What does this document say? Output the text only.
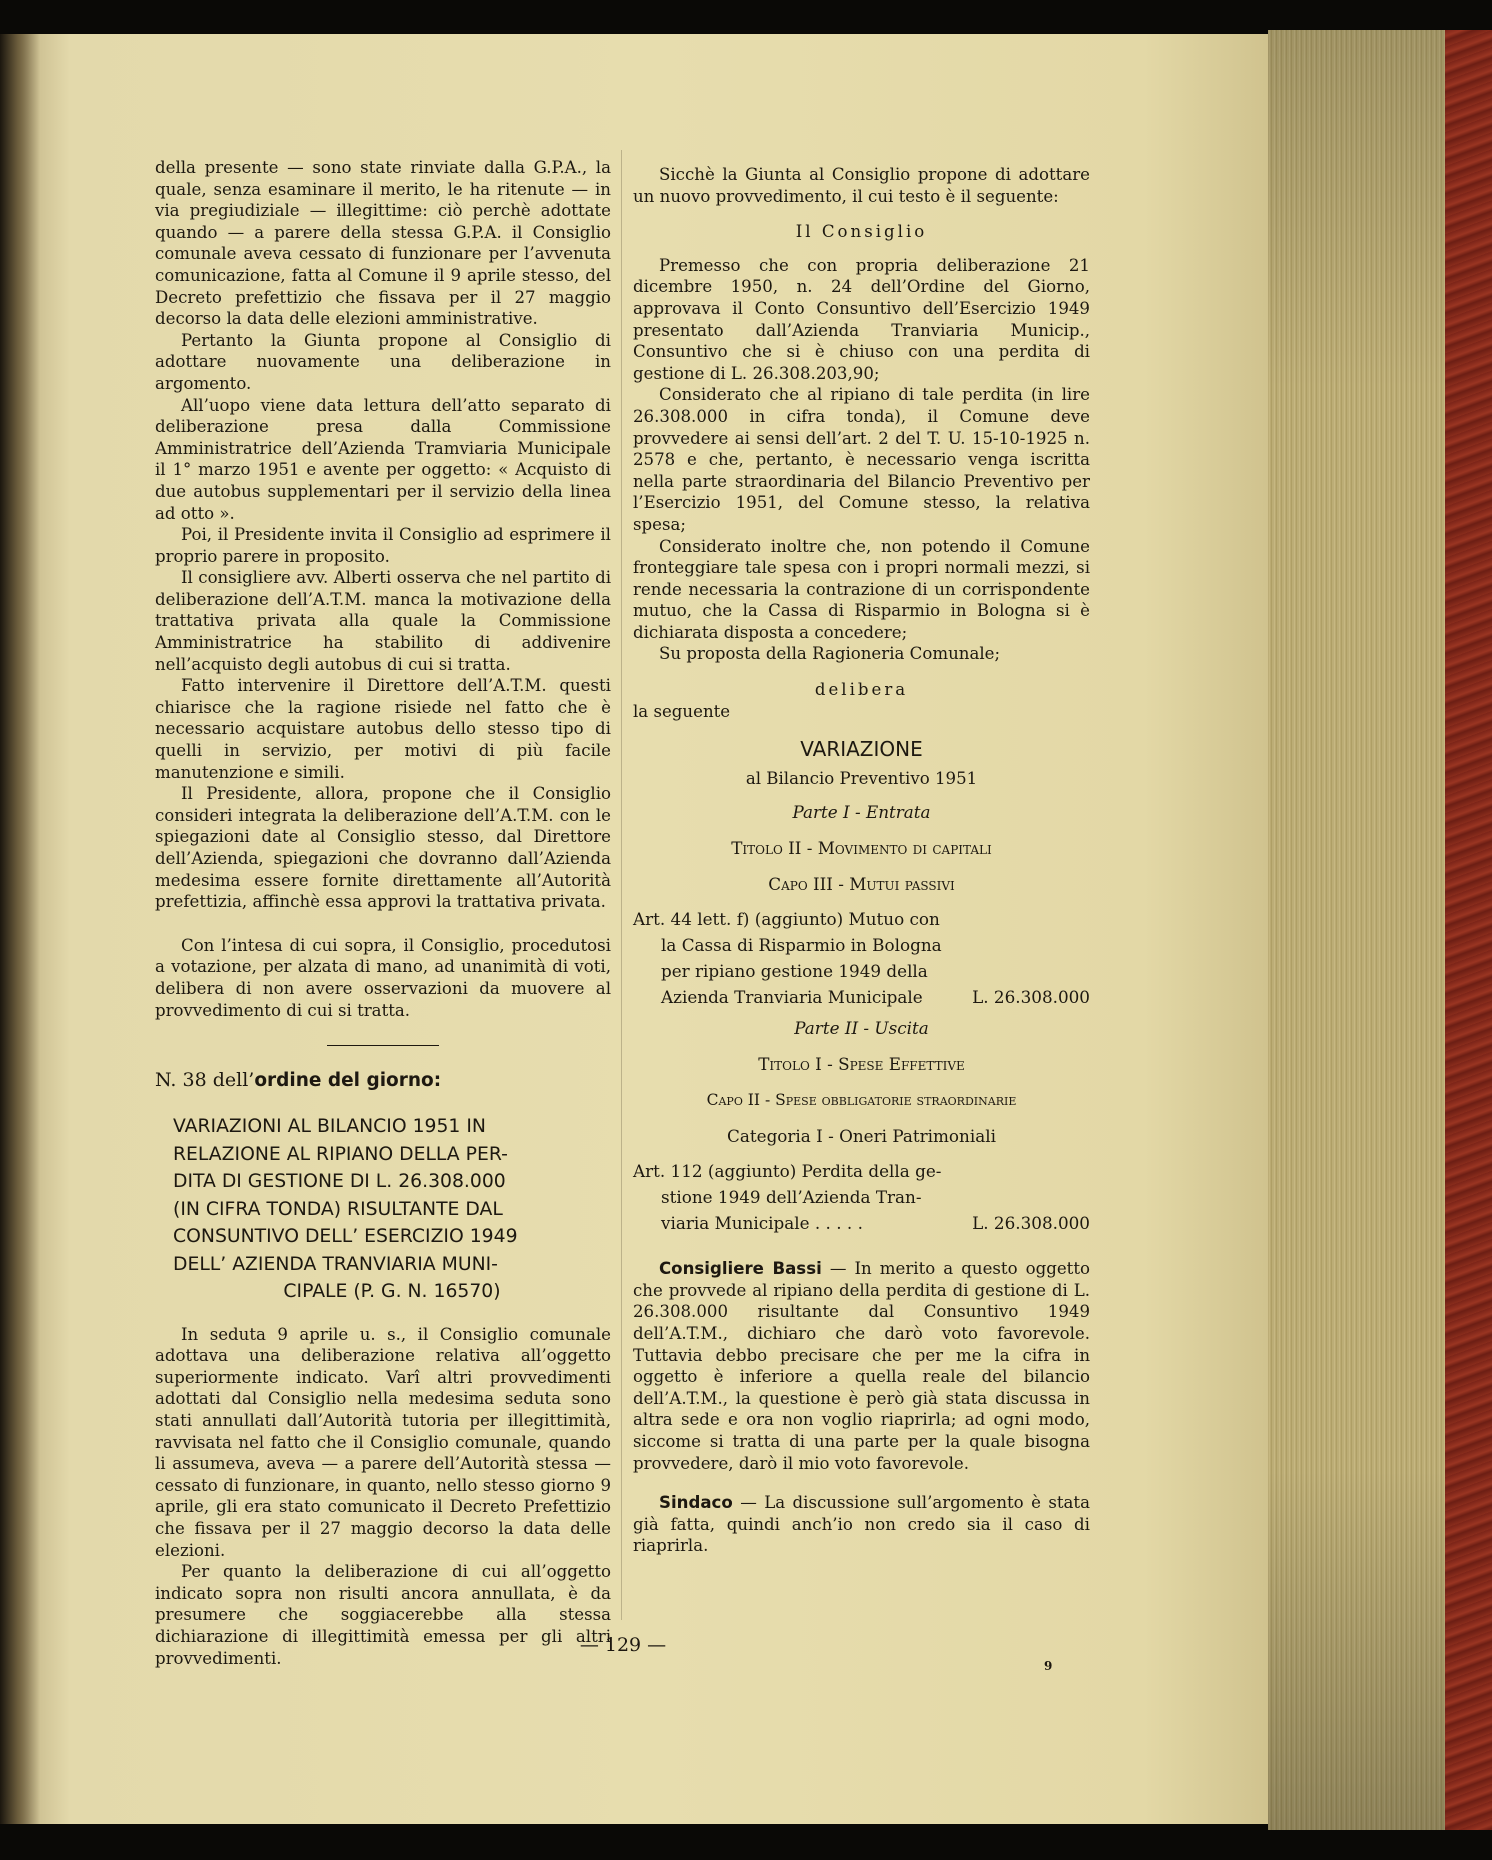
della presente — sono state rinviate dalla G.P.A., la quale, senza esaminare il merito, le ha ritenute — in via pregiudiziale — illegittime: ciò perchè adottate quando — a parere della stessa G.P.A. il Consiglio comunale aveva cessato di funzionare per l’avvenuta comunicazione, fatta al Comune il 9 aprile stesso, del Decreto prefettizio che fissava per il 27 maggio decorso la data delle elezioni amministrative.

Pertanto la Giunta propone al Consiglio di adottare nuovamente una deliberazione in argomento.

All’uopo viene data lettura dell’atto separato di deliberazione presa dalla Commissione Amministratrice dell’Azienda Tramviaria Municipale il 1° marzo 1951 e avente per oggetto: « Acquisto di due autobus supplementari per il servizio della linea ad otto ».

Poi, il Presidente invita il Consiglio ad esprimere il proprio parere in proposito.

Il consigliere avv. Alberti osserva che nel partito di deliberazione dell’A.T.M. manca la motivazione della trattativa privata alla quale la Commissione Amministratrice ha stabilito di addivenire nell’acquisto degli autobus di cui si tratta.

Fatto intervenire il Direttore dell’A.T.M. questi chiarisce che la ragione risiede nel fatto che è necessario acquistare autobus dello stesso tipo di quelli in servizio, per motivi di più facile manutenzione e simili.

Il Presidente, allora, propone che il Consiglio consideri integrata la deliberazione dell’A.T.M. con le spiegazioni date al Consiglio stesso, dal Direttore dell’Azienda, spiegazioni che dovranno dall’Azienda medesima essere fornite direttamente all’Autorità prefettizia, affinchè essa approvi la trattativa privata.

Con l’intesa di cui sopra, il Consiglio, procedutosi a votazione, per alzata di mano, ad unanimità di voti, delibera di non avere osservazioni da muovere al provvedimento di cui si tratta.

N. 38 dell’ordine del giorno:
VARIAZIONI AL BILANCIO 1951 IN
RELAZIONE AL RIPIANO DELLA PER-
DITA DI GESTIONE DI L. 26.308.000
(IN CIFRA TONDA) RISULTANTE DAL
CONSUNTIVO DELL’ ESERCIZIO 1949
DELL’ AZIENDA TRANVIARIA MUNI-
CIPALE (P. G. N. 16570)

In seduta 9 aprile u. s., il Consiglio comunale adottava una deliberazione relativa all’oggetto superiormente indicato. Varî altri provvedimenti adottati dal Consiglio nella medesima seduta sono stati annullati dall’Autorità tutoria per illegittimità, ravvisata nel fatto che il Consiglio comunale, quando li assumeva, aveva — a parere dell’Autorità stessa — cessato di funzionare, in quanto, nello stesso giorno 9 aprile, gli era stato comunicato il Decreto Prefettizio che fissava per il 27 maggio decorso la data delle elezioni.

Per quanto la deliberazione di cui all’oggetto indicato sopra non risulti ancora annullata, è da presumere che soggiacerebbe alla stessa dichiarazione di illegittimità emessa per gli altri provvedimenti.

Sicchè la Giunta al Consiglio propone di adottare un nuovo provvedimento, il cui testo è il seguente:

Il Consiglio

Premesso che con propria deliberazione 21 dicembre 1950, n. 24 dell’Ordine del Giorno, approvava il Conto Consuntivo dell’Esercizio 1949 presentato dall’Azienda Tranviaria Municip., Consuntivo che si è chiuso con una perdita di gestione di L. 26.308.203,90;

Considerato che al ripiano di tale perdita (in lire 26.308.000 in cifra tonda), il Comune deve provvedere ai sensi dell’art. 2 del T. U. 15-10-1925 n. 2578 e che, pertanto, è necessario venga iscritta nella parte straordinaria del Bilancio Preventivo per l’Esercizio 1951, del Comune stesso, la relativa spesa;

Considerato inoltre che, non potendo il Comune fronteggiare tale spesa con i propri normali mezzi, si rende necessaria la contrazione di un corrispondente mutuo, che la Cassa di Risparmio in Bologna si è dichiarata disposta a concedere;

Su proposta della Ragioneria Comunale;

delibera
la seguente
VARIAZIONE
al Bilancio Preventivo 1951
Parte I - Entrata
Titolo II - Movimento di capitali
Capo III - Mutui passivi
Art. 44 lett. f) (aggiunto) Mutuo con
la Cassa di Risparmio in Bologna
per ripiano gestione 1949 della
Azienda Tranviaria Municipale	L. 26.308.000
Parte II - Uscita
Titolo I - Spese Effettive
Capo II - Spese obbligatorie straordinarie
Categoria I - Oneri Patrimoniali
Art. 112 (aggiunto) Perdita della ge-
stione 1949 dell’Azienda Tran-
viaria Municipale . . . . .	L. 26.308.000

Consigliere Bassi — In merito a questo oggetto che provvede al ripiano della perdita di gestione di L. 26.308.000 risultante dal Consuntivo 1949 dell’A.T.M., dichiaro che darò voto favorevole. Tuttavia debbo precisare che per me la cifra in oggetto è inferiore a quella reale del bilancio dell’A.T.M., la questione è però già stata discussa in altra sede e ora non voglio riaprirla; ad ogni modo, siccome si tratta di una parte per la quale bisogna provvedere, darò il mio voto favorevole.

Sindaco — La discussione sull’argomento è stata già fatta, quindi anch’io non credo sia il caso di riaprirla.

— 129 —
9
